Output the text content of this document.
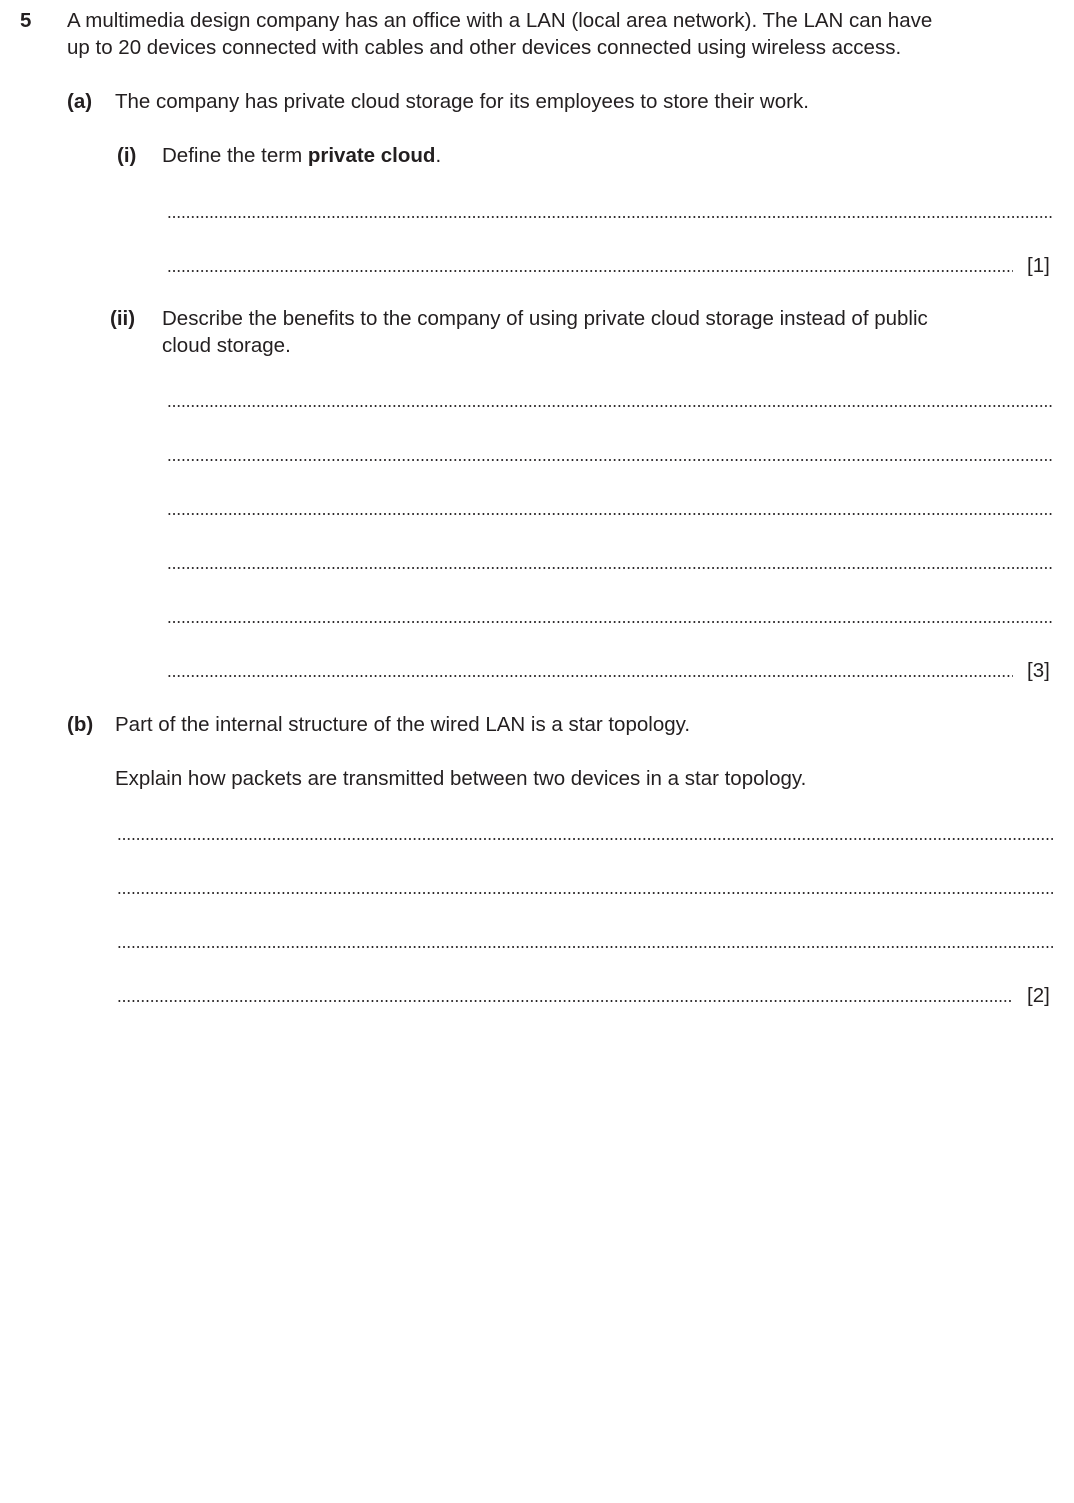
5 A multimedia design company has an office with a LAN (local area network). The LAN can have
up to 20 devices connected with cables and other devices connected using wireless access.
(a) The company has private cloud storage for its employees to store their work.
(i) Define the term private cloud.
[1]
(ii) Describe the benefits to the company of using private cloud storage instead of public
cloud storage.
[3]
(b) Part of the internal structure of the wired LAN is a star topology.
Explain how packets are transmitted between two devices in a star topology.
[2]
